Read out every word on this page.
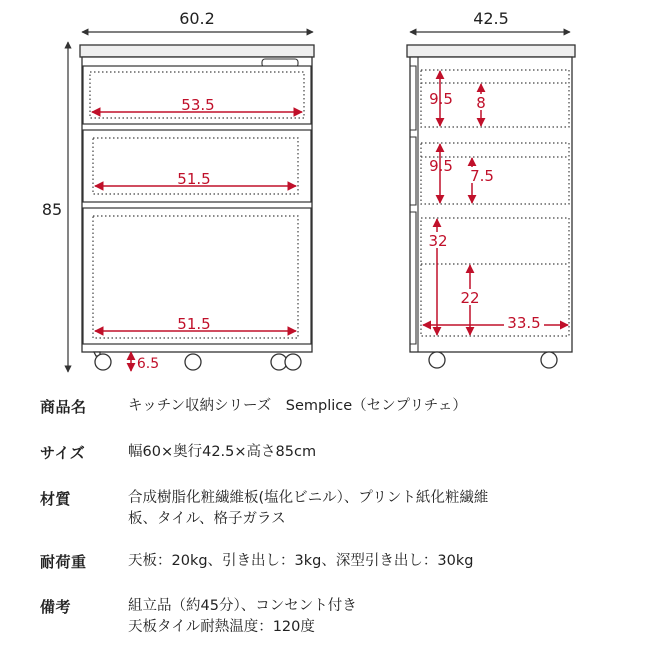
60.2
85
53.5
51.5
51.5
6.5
42.5
9.5 8
9.5
7.5
32
22
33.5
商品名	キッチン収納シリーズ　Semplice（センプリチェ）
サイズ	幅60×奥行42.5×高さ85cm
材質	合成樹脂化粧繊維板(塩化ビニル）、プリント紙化粧繊維
板、タイル、格子ガラス
耐荷重	天板：20kg、引き出し：3kg、深型引き出し：30kg
備考	組立品（約45分）、コンセント付き
天板タイル耐熱温度：120度
